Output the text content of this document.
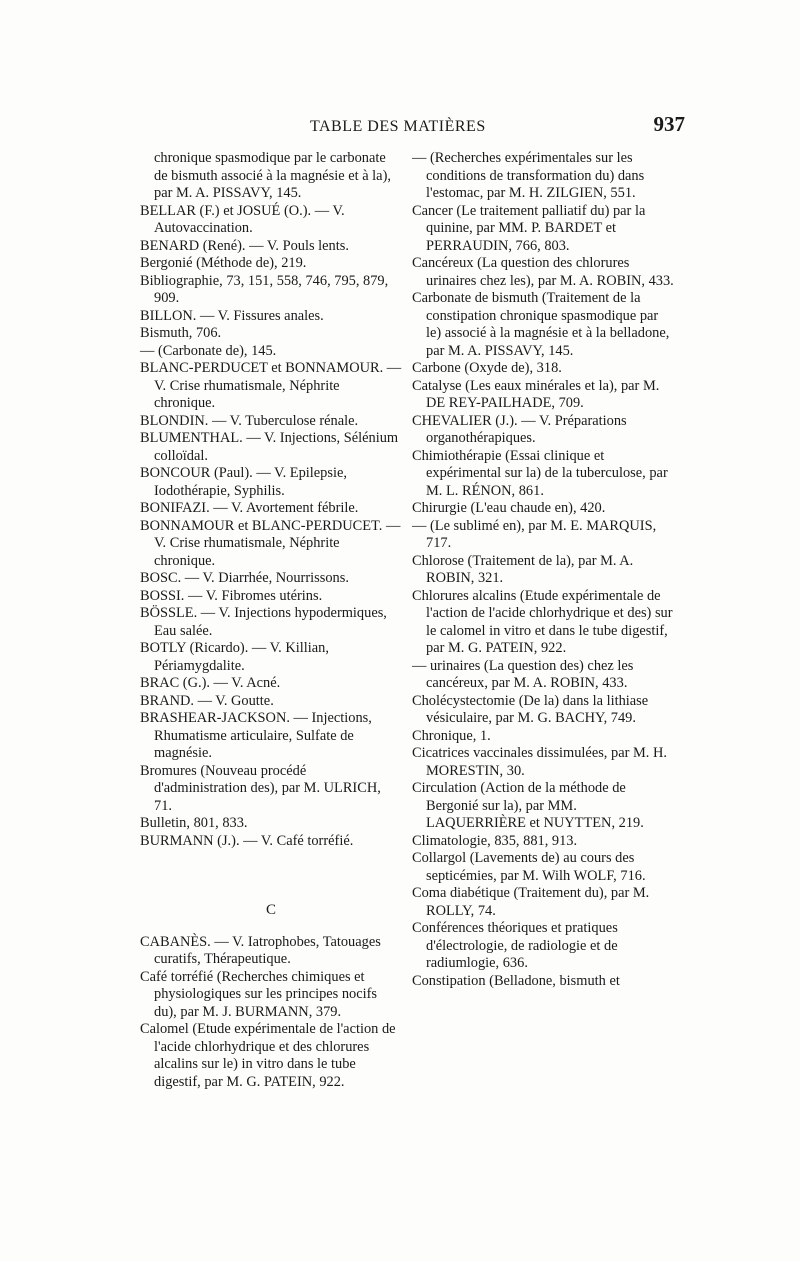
TABLE DES MATIÈRES	937

chronique spasmodique par le carbonate de bismuth associé à la magnésie et à la), par M. A. PISSAVY, 145.

BELLAR (F.) et JOSUÉ (O.). — V. Autovaccination.

BENARD (René). — V. Pouls lents.

Bergonié (Méthode de), 219.

Bibliographie, 73, 151, 558, 746, 795, 879, 909.

BILLON. — V. Fissures anales.

Bismuth, 706.

— (Carbonate de), 145.

BLANC-PERDUCET et BONNAMOUR. — V. Crise rhumatismale, Néphrite chronique.

BLONDIN. — V. Tuberculose rénale.

BLUMENTHAL. — V. Injections, Sélénium colloïdal.

BONCOUR (Paul). — V. Epilepsie, Iodothérapie, Syphilis.

BONIFAZI. — V. Avortement fébrile.

BONNAMOUR et BLANC-PERDUCET. — V. Crise rhumatismale, Néphrite chronique.

BOSC. — V. Diarrhée, Nourrissons.

BOSSI. — V. Fibromes utérins.

BÖSSLE. — V. Injections hypodermiques, Eau salée.

BOTLY (Ricardo). — V. Killian, Périamygdalite.

BRAC (G.). — V. Acné.

BRAND. — V. Goutte.

BRASHEAR-JACKSON. — Injections, Rhumatisme articulaire, Sulfate de magnésie.

Bromures (Nouveau procédé d'administration des), par M. ULRICH, 71.

Bulletin, 801, 833.

BURMANN (J.). — V. Café torréfié.

C

CABANÈS. — V. Iatrophobes, Tatouages curatifs, Thérapeutique.

Café torréfié (Recherches chimiques et physiologiques sur les principes nocifs du), par M. J. BURMANN, 379.

Calomel (Etude expérimentale de l'action de l'acide chlorhydrique et des chlorures alcalins sur le) in vitro dans le tube digestif, par M. G. PATEIN, 922.

— (Recherches expérimentales sur les conditions de transformation du) dans l'estomac, par M. H. ZILGIEN, 551.

Cancer (Le traitement palliatif du) par la quinine, par MM. P. BARDET et PERRAUDIN, 766, 803.

Cancéreux (La question des chlorures urinaires chez les), par M. A. ROBIN, 433.

Carbonate de bismuth (Traitement de la constipation chronique spasmodique par le) associé à la magnésie et à la belladone, par M. A. PISSAVY, 145.

Carbone (Oxyde de), 318.

Catalyse (Les eaux minérales et la), par M. DE REY-PAILHADE, 709.

CHEVALIER (J.). — V. Préparations organothérapiques.

Chimiothérapie (Essai clinique et expérimental sur la) de la tuberculose, par M. L. RÉNON, 861.

Chirurgie (L'eau chaude en), 420.

— (Le sublimé en), par M. E. MARQUIS, 717.

Chlorose (Traitement de la), par M. A. ROBIN, 321.

Chlorures alcalins (Etude expérimentale de l'action de l'acide chlorhydrique et des) sur le calomel in vitro et dans le tube digestif, par M. G. PATEIN, 922.

— urinaires (La question des) chez les cancéreux, par M. A. ROBIN, 433.

Cholécystectomie (De la) dans la lithiase vésiculaire, par M. G. BACHY, 749.

Chronique, 1.

Cicatrices vaccinales dissimulées, par M. H. MORESTIN, 30.

Circulation (Action de la méthode de Bergonié sur la), par MM. LAQUERRIÈRE et NUYTTEN, 219.

Climatologie, 835, 881, 913.

Collargol (Lavements de) au cours des septicémies, par M. Wilh WOLF, 716.

Coma diabétique (Traitement du), par M. ROLLY, 74.

Conférences théoriques et pratiques d'électrologie, de radiologie et de radiumlogie, 636.

Constipation (Belladone, bismuth et
